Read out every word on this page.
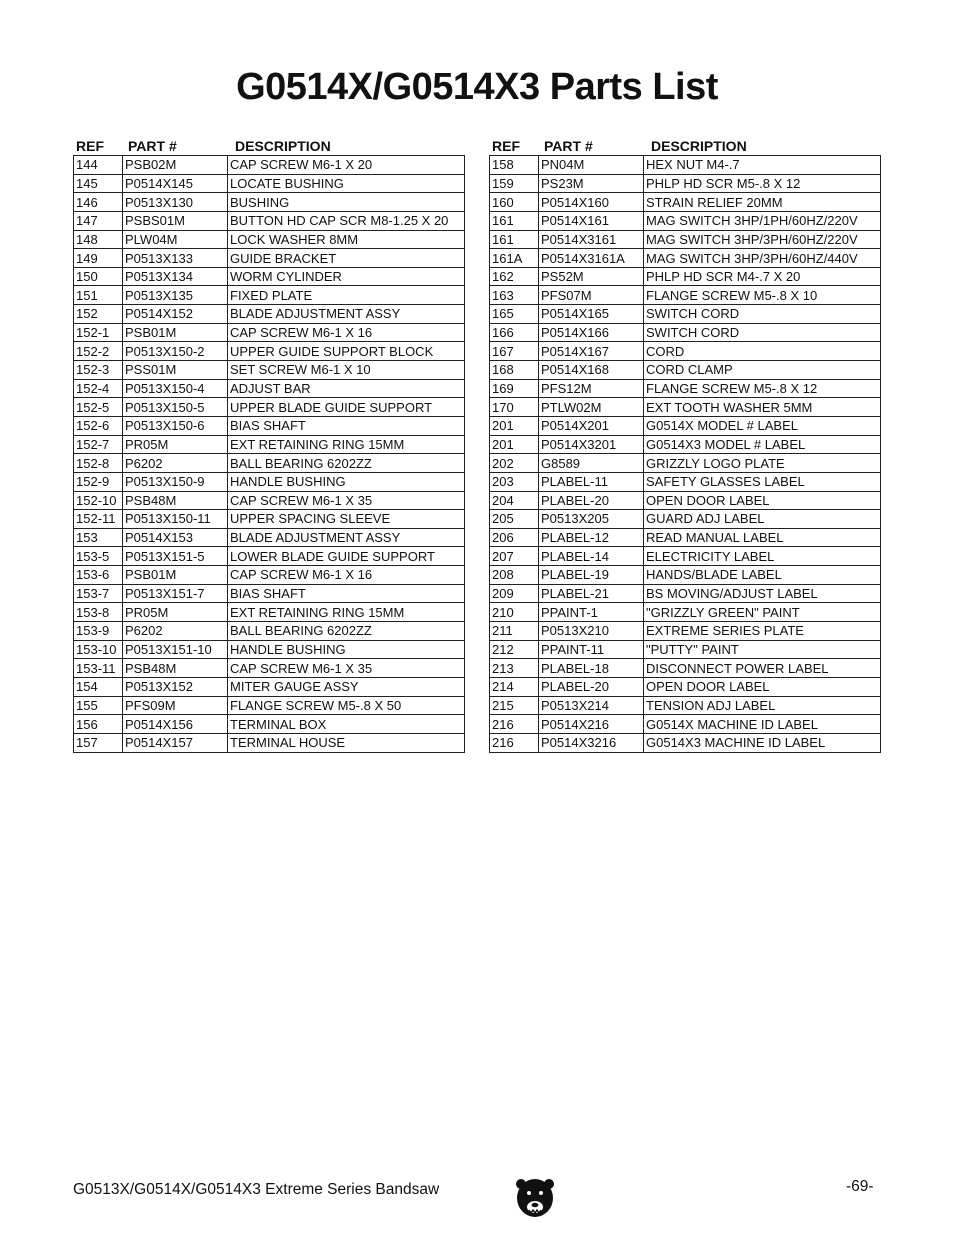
G0514X/G0514X3 Parts List
REF	PART #	DESCRIPTION
144	PSB02M	CAP SCREW M6-1 X 20
145	P0514X145	LOCATE BUSHING
146	P0513X130	BUSHING
147	PSBS01M	BUTTON HD CAP SCR M8-1.25 X 20
148	PLW04M	LOCK WASHER 8MM
149	P0513X133	GUIDE BRACKET
150	P0513X134	WORM CYLINDER
151	P0513X135	FIXED PLATE
152	P0514X152	BLADE ADJUSTMENT ASSY
152-1	PSB01M	CAP SCREW M6-1 X 16
152-2	P0513X150-2	UPPER GUIDE SUPPORT BLOCK
152-3	PSS01M	SET SCREW M6-1 X 10
152-4	P0513X150-4	ADJUST BAR
152-5	P0513X150-5	UPPER BLADE GUIDE SUPPORT
152-6	P0513X150-6	BIAS SHAFT
152-7	PR05M	EXT RETAINING RING 15MM
152-8	P6202	BALL BEARING 6202ZZ
152-9	P0513X150-9	HANDLE BUSHING
152-10	PSB48M	CAP SCREW M6-1 X 35
152-11	P0513X150-11	UPPER SPACING SLEEVE
153	P0514X153	BLADE ADJUSTMENT ASSY
153-5	P0513X151-5	LOWER BLADE GUIDE SUPPORT
153-6	PSB01M	CAP SCREW M6-1 X 16
153-7	P0513X151-7	BIAS SHAFT
153-8	PR05M	EXT RETAINING RING 15MM
153-9	P6202	BALL BEARING 6202ZZ
153-10	P0513X151-10	HANDLE BUSHING
153-11	PSB48M	CAP SCREW M6-1 X 35
154	P0513X152	MITER GAUGE ASSY
155	PFS09M	FLANGE SCREW M5-.8 X 50
156	P0514X156	TERMINAL BOX
157	P0514X157	TERMINAL HOUSE
REF	PART #	DESCRIPTION
158	PN04M	HEX NUT M4-.7
159	PS23M	PHLP HD SCR M5-.8 X 12
160	P0514X160	STRAIN RELIEF 20MM
161	P0514X161	MAG SWITCH 3HP/1PH/60HZ/220V
161	P0514X3161	MAG SWITCH 3HP/3PH/60HZ/220V
161A	P0514X3161A	MAG SWITCH 3HP/3PH/60HZ/440V
162	PS52M	PHLP HD SCR M4-.7 X 20
163	PFS07M	FLANGE SCREW M5-.8 X 10
165	P0514X165	SWITCH CORD
166	P0514X166	SWITCH CORD
167	P0514X167	CORD
168	P0514X168	CORD CLAMP
169	PFS12M	FLANGE SCREW M5-.8 X 12
170	PTLW02M	EXT TOOTH WASHER 5MM
201	P0514X201	G0514X MODEL # LABEL
201	P0514X3201	G0514X3 MODEL # LABEL
202	G8589	GRIZZLY LOGO PLATE
203	PLABEL-11	SAFETY GLASSES LABEL
204	PLABEL-20	OPEN DOOR LABEL
205	P0513X205	GUARD ADJ LABEL
206	PLABEL-12	READ MANUAL LABEL
207	PLABEL-14	ELECTRICITY LABEL
208	PLABEL-19	HANDS/BLADE LABEL
209	PLABEL-21	BS MOVING/ADJUST LABEL
210	PPAINT-1	"GRIZZLY GREEN" PAINT
211	P0513X210	EXTREME SERIES PLATE
212	PPAINT-11	"PUTTY" PAINT
213	PLABEL-18	DISCONNECT POWER LABEL
214	PLABEL-20	OPEN DOOR LABEL
215	P0513X214	TENSION ADJ LABEL
216	P0514X216	G0514X MACHINE ID LABEL
216	P0514X3216	G0514X3 MACHINE ID LABEL
G0513X/G0514X/G0514X3 Extreme Series Bandsaw	-69-
